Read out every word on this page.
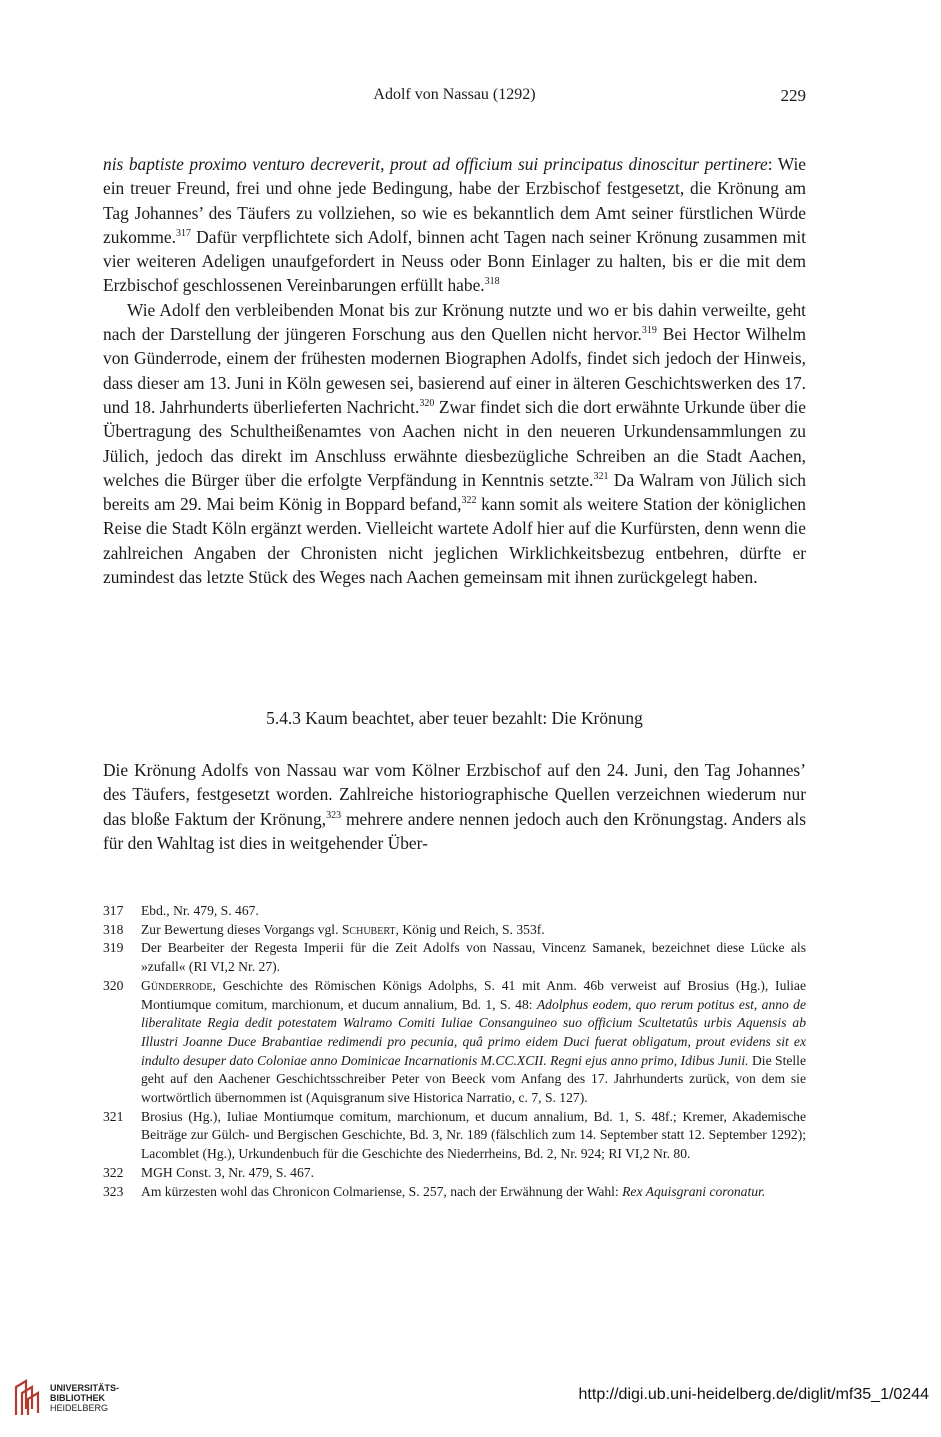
Adolf von Nassau (1292)	229

nis baptiste proximo venturo decreverit, prout ad officium sui principatus dinoscitur pertinere: Wie ein treuer Freund, frei und ohne jede Bedingung, habe der Erzbischof festgesetzt, die Krönung am Tag Johannes’ des Täufers zu vollziehen, so wie es bekanntlich dem Amt seiner fürstlichen Würde zukomme.$^{317}$ Dafür verpflichtete sich Adolf, binnen acht Tagen nach seiner Krönung zusammen mit vier weiteren Adeligen unaufgefordert in Neuss oder Bonn Einlager zu halten, bis er die mit dem Erzbischof geschlossenen Vereinbarungen erfüllt habe.$^{318}$

Wie Adolf den verbleibenden Monat bis zur Krönung nutzte und wo er bis dahin verweilte, geht nach der Darstellung der jüngeren Forschung aus den Quellen nicht hervor.$^{319}$ Bei Hector Wilhelm von Günderrode, einem der frühesten modernen Biographen Adolfs, findet sich jedoch der Hinweis, dass dieser am 13. Juni in Köln gewesen sei, basierend auf einer in älteren Geschichtswerken des 17. und 18. Jahrhunderts überlieferten Nachricht.$^{320}$ Zwar findet sich die dort erwähnte Urkunde über die Übertragung des Schultheißenamtes von Aachen nicht in den neueren Urkundensammlungen zu Jülich, jedoch das direkt im Anschluss erwähnte diesbezügliche Schreiben an die Stadt Aachen, welches die Bürger über die erfolgte Verpfändung in Kenntnis setzte.$^{321}$ Da Walram von Jülich sich bereits am 29. Mai beim König in Boppard befand,$^{322}$ kann somit als weitere Station der königlichen Reise die Stadt Köln ergänzt werden. Vielleicht wartete Adolf hier auf die Kurfürsten, denn wenn die zahlreichen Angaben der Chronisten nicht jeglichen Wirklichkeitsbezug entbehren, dürfte er zumindest das letzte Stück des Weges nach Aachen gemeinsam mit ihnen zurückgelegt haben.

5.4.3 Kaum beachtet, aber teuer bezahlt: Die Krönung

Die Krönung Adolfs von Nassau war vom Kölner Erzbischof auf den 24. Juni, den Tag Johannes’ des Täufers, festgesetzt worden. Zahlreiche historiographische Quellen verzeichnen wiederum nur das bloße Faktum der Krönung,$^{323}$ mehrere andere nennen jedoch auch den Krönungstag. Anders als für den Wahltag ist dies in weitgehender Über-

317	Ebd., Nr. 479, S. 467.
318	Zur Bewertung dieses Vorgangs vgl. Schubert, König und Reich, S. 353f.
319	Der Bearbeiter der Regesta Imperii für die Zeit Adolfs von Nassau, Vincenz Samanek, bezeichnet diese Lücke als »zufall« (RI VI,2 Nr. 27).
320	Günderrode, Geschichte des Römischen Königs Adolphs, S. 41 mit Anm. 46b verweist auf Brosius (Hg.), Iuliae Montiumque comitum, marchionum, et ducum annalium, Bd. 1, S. 48: Adolphus eodem, quo rerum potitus est, anno de liberalitate Regia dedit potestatem Walramo Comiti Iuliae Consanguineo suo officium Scultetatûs urbis Aquensis ab Illustri Joanne Duce Brabantiae redimendi pro pecunia, quâ primo eidem Duci fuerat obligatum, prout evidens sit ex indulto desuper dato Coloniae anno Dominicae Incarnationis M.CC.XCII. Regni ejus anno primo, Idibus Junii. Die Stelle geht auf den Aachener Geschichtsschreiber Peter von Beeck vom Anfang des 17. Jahrhunderts zurück, von dem sie wortwörtlich übernommen ist (Aquisgranum sive Historica Narratio, c. 7, S. 127).
321	Brosius (Hg.), Iuliae Montiumque comitum, marchionum, et ducum annalium, Bd. 1, S. 48f.; Kremer, Akademische Beiträge zur Gülch- und Bergischen Geschichte, Bd. 3, Nr. 189 (fälschlich zum 14. September statt 12. September 1292); Lacomblet (Hg.), Urkundenbuch für die Geschichte des Niederrheins, Bd. 2, Nr. 924; RI VI,2 Nr. 80.
322	MGH Const. 3, Nr. 479, S. 467.
323	Am kürzesten wohl das Chronicon Colmariense, S. 257, nach der Erwähnung der Wahl: Rex Aquisgrani coronatur.
UNIVERSITÄTS-
BIBLIOTHEK
HEIDELBERG
http://digi.ub.uni-heidelberg.de/diglit/mf35_1/0244
